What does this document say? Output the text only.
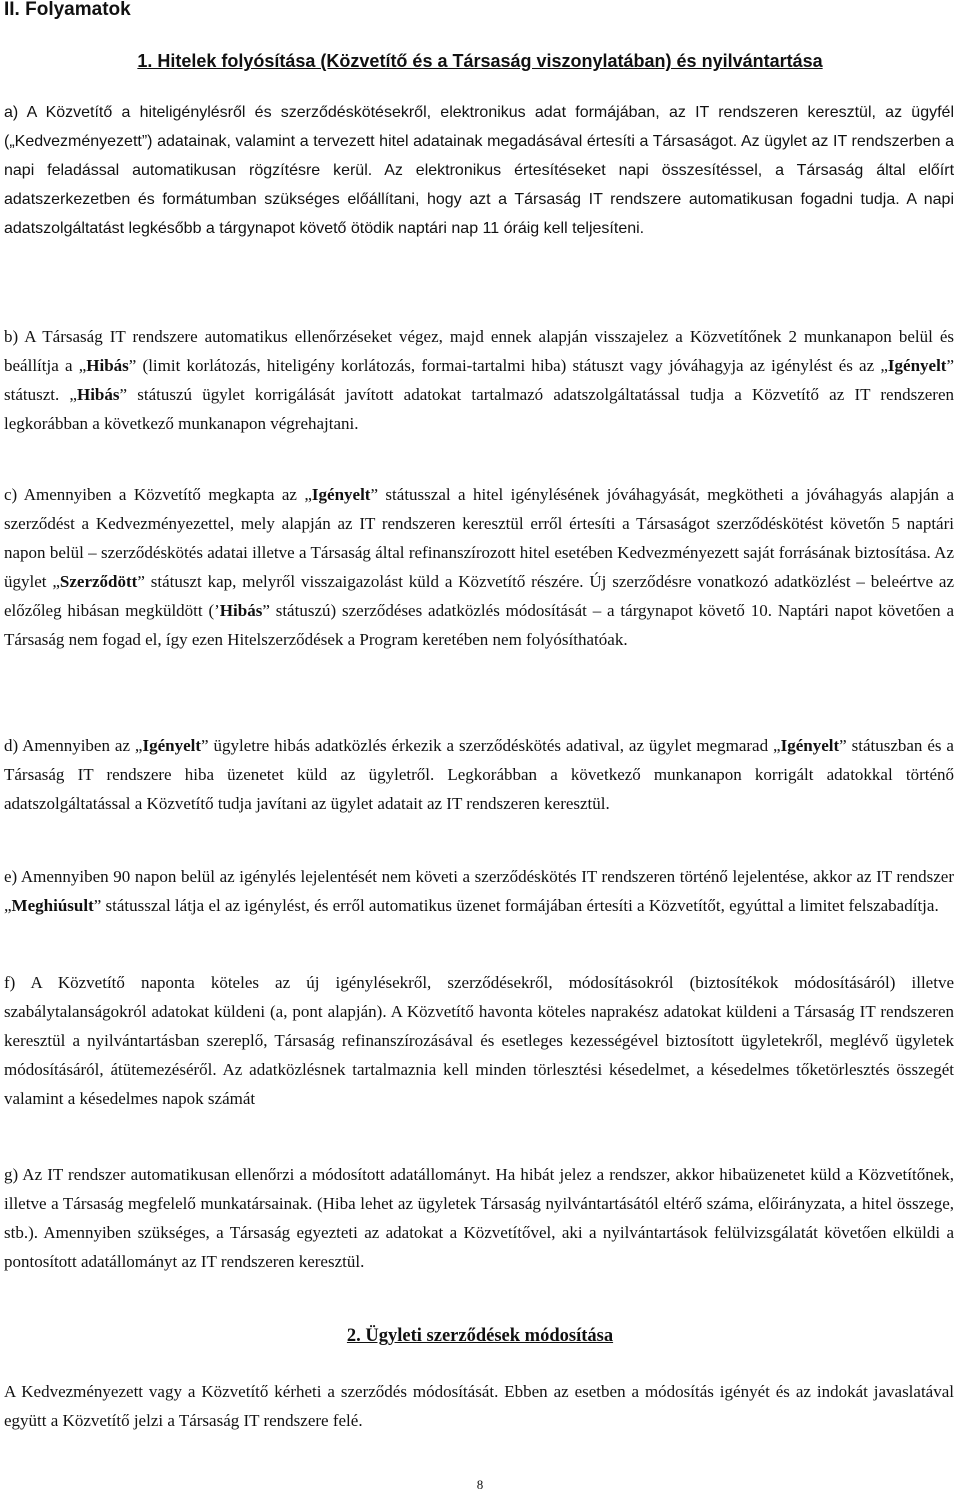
II. Folyamatok
1. Hitelek folyósítása (Közvetítő és a Társaság viszonylatában) és nyilvántartása

a) A Közvetítő a hiteligénylésről és szerződéskötésekről, elektronikus adat formájában, az IT rendszeren keresztül, az ügyfél („Kedvezményezett”) adatainak, valamint a tervezett hitel adatainak megadásával értesíti a Társaságot. Az ügylet az IT rendszerben a napi feladással automatikusan rögzítésre kerül. Az elektronikus értesítéseket napi összesítéssel, a Társaság által előírt adatszerkezetben és formátumban szükséges előállítani, hogy azt a Társaság IT rendszere automatikusan fogadni tudja. A napi adatszolgáltatást legkésőbb a tárgynapot követő ötödik naptári nap 11 óráig kell teljesíteni.

b) A Társaság IT rendszere automatikus ellenőrzéseket végez, majd ennek alapján visszajelez a Közvetítőnek 2 munkanapon belül és beállítja a „Hibás” (limit korlátozás, hiteligény korlátozás, formai-tartalmi hiba) státuszt vagy jóváhagyja az igénylést és az „Igényelt” státuszt. „Hibás” státuszú ügylet korrigálását javított adatokat tartalmazó adatszolgáltatással tudja a Közvetítő az IT rendszeren legkorábban a következő munkanapon végrehajtani.

c) Amennyiben a Közvetítő megkapta az „Igényelt” státusszal a hitel igénylésének jóváhagyását, megkötheti a jóváhagyás alapján a szerződést a Kedvezményezettel, mely alapján az IT rendszeren keresztül erről értesíti a Társaságot szerződéskötést követőn 5 naptári napon belül – szerződéskötés adatai illetve a Társaság által refinanszírozott hitel esetében Kedvezményezett saját forrásának biztosítása. Az ügylet „Szerződött” státuszt kap, melyről visszaigazolást küld a Közvetítő részére. Új szerződésre vonatkozó adatközlést – beleértve az előzőleg hibásan megküldött (’Hibás” státuszú) szerződéses adatközlés módosítását – a tárgynapot követő 10. Naptári napot követően a Társaság nem fogad el, így ezen Hitelszerződések a Program keretében nem folyósíthatóak.

d) Amennyiben az „Igényelt” ügyletre hibás adatközlés érkezik a szerződéskötés adatival, az ügylet megmarad „Igényelt” státuszban és a Társaság IT rendszere hiba üzenetet küld az ügyletről. Legkorábban a következő munkanapon korrigált adatokkal történő adatszolgáltatással a Közvetítő tudja javítani az ügylet adatait az IT rendszeren keresztül.

e) Amennyiben 90 napon belül az igénylés lejelentését nem követi a szerződéskötés IT rendszeren történő lejelentése, akkor az IT rendszer „Meghiúsult” státusszal látja el az igénylést, és erről automatikus üzenet formájában értesíti a Közvetítőt, egyúttal a limitet felszabadítja.

f) A Közvetítő naponta köteles az új igénylésekről, szerződésekről, módosításokról (biztosítékok módosításáról) illetve szabálytalanságokról adatokat küldeni (a, pont alapján). A Közvetítő havonta köteles naprakész adatokat küldeni a Társaság IT rendszeren keresztül a nyilvántartásban szereplő, Társaság refinanszírozásával és esetleges kezességével biztosított ügyletekről, meglévő ügyletek módosításáról, átütemezéséről. Az adatközlésnek tartalmaznia kell minden törlesztési késedelmet, a késedelmes tőketörlesztés összegét valamint a késedelmes napok számát

g) Az IT rendszer automatikusan ellenőrzi a módosított adatállományt. Ha hibát jelez a rendszer, akkor hibaüzenetet küld a Közvetítőnek, illetve a Társaság megfelelő munkatársainak. (Hiba lehet az ügyletek Társaság nyilvántartásától eltérő száma, előirányzata, a hitel összege, stb.). Amennyiben szükséges, a Társaság egyezteti az adatokat a Közvetítővel, aki a nyilvántartások felülvizsgálatát követően elküldi a pontosított adatállományt az IT rendszeren keresztül.

2. Ügyleti szerződések módosítása

A Kedvezményezett vagy a Közvetítő kérheti a szerződés módosítását. Ebben az esetben a módosítás igényét és az indokát javaslatával együtt a Közvetítő jelzi a Társaság IT rendszere felé.

8
